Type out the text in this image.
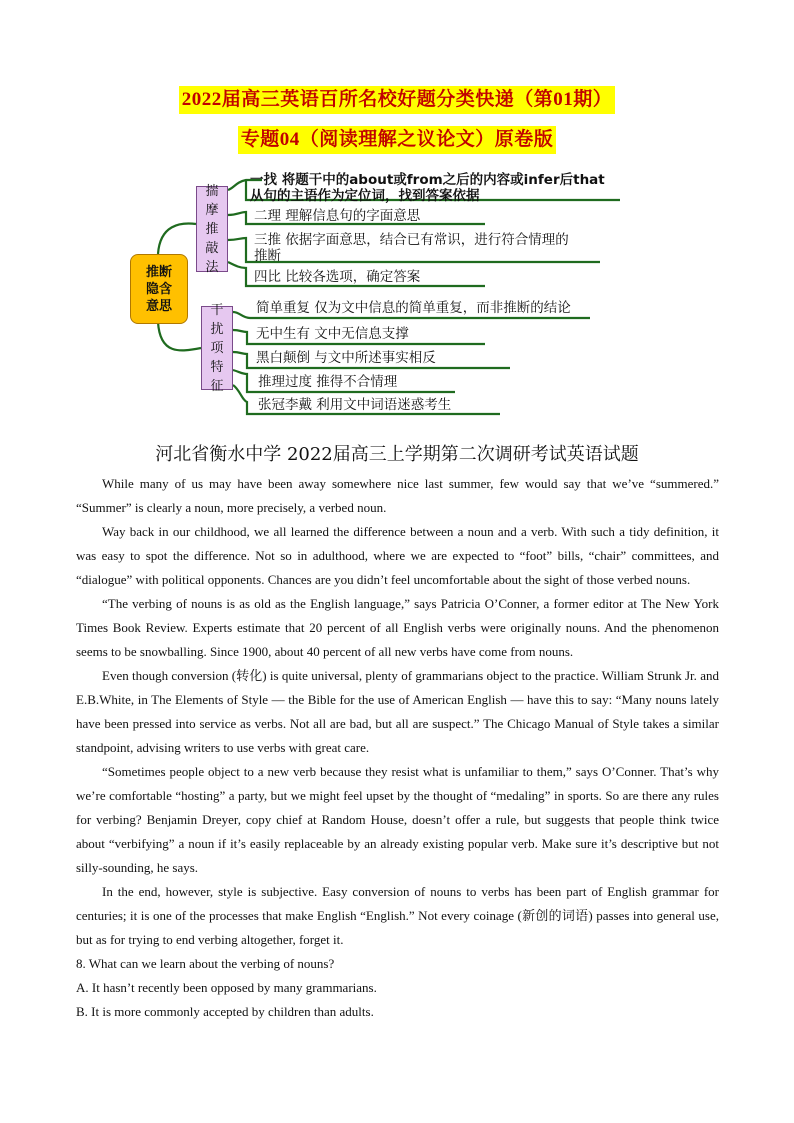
2022届高三英语百所名校好题分类快递（第01期）
专题04（阅读理解之议论文）原卷版
推断
隐含
意思
揣
摩
推
敲
法
干
扰
项
特
征
一找 将题干中的about或from之后的内容或infer后that
从句的主语作为定位词，找到答案依据
二理 理解信息句的字面意思
三推 依据字面意思，结合已有常识，进行符合情理的
推断
四比 比较各选项，确定答案
简单重复 仅为文中信息的简单重复，而非推断的结论
无中生有 文中无信息支撑
黑白颠倒 与文中所述事实相反
推理过度 推得不合情理
张冠李戴 利用文中词语迷惑考生
河北省衡水中学 2022届高三上学期第二次调研考试英语试题

While many of us may have been away somewhere nice last summer, few would say that we’ve “summered.” “Summer” is clearly a noun, more precisely, a verbed noun.

Way back in our childhood, we all learned the difference between a noun and a verb. With such a tidy definition, it was easy to spot the difference. Not so in adulthood, where we are expected to “foot” bills, “chair” committees, and “dialogue” with political opponents. Chances are you didn’t feel uncomfortable about the sight of those verbed nouns.

“The verbing of nouns is as old as the English language,” says Patricia O’Conner, a former editor at The New York Times Book Review. Experts estimate that 20 percent of all English verbs were originally nouns. And the phenomenon seems to be snowballing. Since 1900, about 40 percent of all new verbs have come from nouns.

Even though conversion (转化) is quite universal, plenty of grammarians object to the practice. William Strunk Jr. and E.B.White, in The Elements of Style — the Bible for the use of American English — have this to say: “Many nouns lately have been pressed into service as verbs. Not all are bad, but all are suspect.” The Chicago Manual of Style takes a similar standpoint, advising writers to use verbs with great care.

“Sometimes people object to a new verb because they resist what is unfamiliar to them,” says O’Conner. That’s why we’re comfortable “hosting” a party, but we might feel upset by the thought of “medaling” in sports. So are there any rules for verbing? Benjamin Dreyer, copy chief at Random House, doesn’t offer a rule, but suggests that people think twice about “verbifying” a noun if it’s easily replaceable by an already existing popular verb. Make sure it’s descriptive but not silly-sounding, he says.

In the end, however, style is subjective. Easy conversion of nouns to verbs has been part of English grammar for centuries; it is one of the processes that make English “English.” Not every coinage (新创的词语) passes into general use, but as for trying to end verbing altogether, forget it.

8. What can we learn about the verbing of nouns?

A. It hasn’t recently been opposed by many grammarians.

B. It is more commonly accepted by children than adults.
